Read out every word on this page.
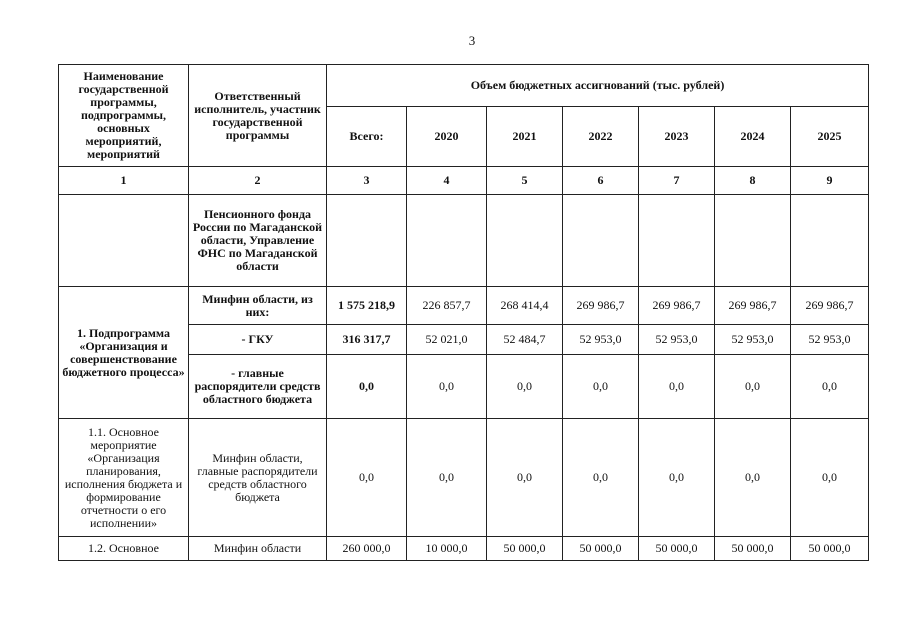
3
Наименование государственной программы, подпрограммы, основных мероприятий, мероприятий	Ответственный исполнитель, участник государственной программы	Объем бюджетных ассигнований (тыс. рублей)						
		Всего:	2020	2021	2022	2023	2024	2025
1	2	3	4	5	6	7	8	9
	Пенсионного фонда России по Магаданской области, Управление ФНС по Магаданской области							
1. Подпрограмма «Организация и совершенствование бюджетного процесса»	Минфин области, из них:	1 575 218,9	226 857,7	268 414,4	269 986,7	269 986,7	269 986,7	269 986,7
	- ГКУ	316 317,7	52 021,0	52 484,7	52 953,0	52 953,0	52 953,0	52 953,0
	- главные распорядители средств областного бюджета	0,0	0,0	0,0	0,0	0,0	0,0	0,0
1.1. Основное мероприятие «Организация планирования, исполнения бюджета и формирование отчетности о его исполнении»	Минфин области, главные распорядители средств областного бюджета	0,0	0,0	0,0	0,0	0,0	0,0	0,0
1.2. Основное	Минфин области	260 000,0	10 000,0	50 000,0	50 000,0	50 000,0	50 000,0	50 000,0
